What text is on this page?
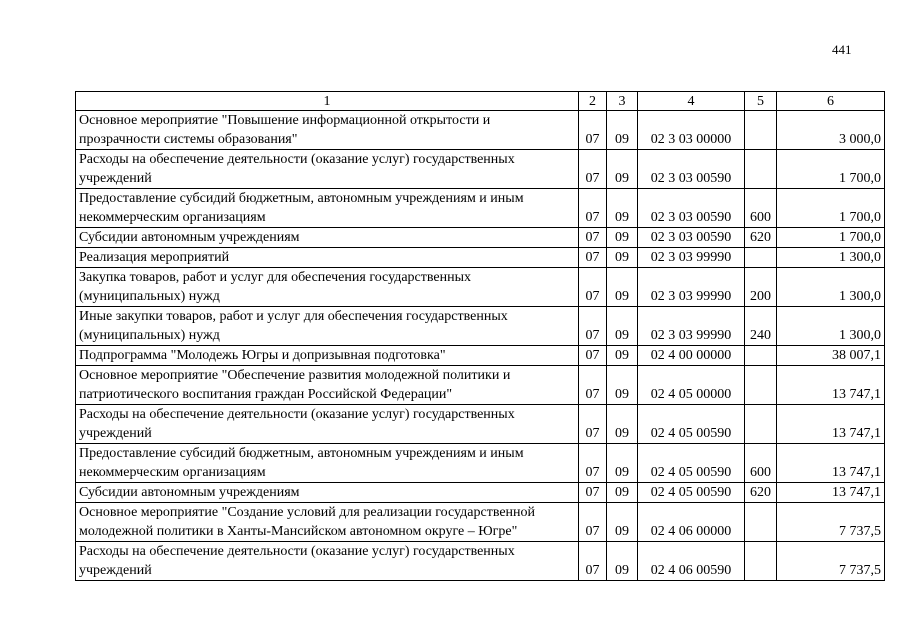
441
1	2	3	4	5	6
Основное мероприятие "Повышение информационной открытости и прозрачности системы образования"	07	09	02 3 03 00000		3 000,0
Расходы на обеспечение деятельности (оказание услуг) государственных учреждений	07	09	02 3 03 00590		1 700,0
Предоставление субсидий бюджетным, автономным учреждениям и иным некоммерческим организациям	07	09	02 3 03 00590	600	1 700,0
Субсидии автономным учреждениям	07	09	02 3 03 00590	620	1 700,0
Реализация мероприятий	07	09	02 3 03 99990		1 300,0
Закупка товаров, работ и услуг для обеспечения государственных (муниципальных) нужд	07	09	02 3 03 99990	200	1 300,0
Иные закупки товаров, работ и услуг для обеспечения государственных (муниципальных) нужд	07	09	02 3 03 99990	240	1 300,0
Подпрограмма "Молодежь Югры и допризывная подготовка"	07	09	02 4 00 00000		38 007,1
Основное мероприятие "Обеспечение развития молодежной политики и патриотического воспитания граждан Российской Федерации"	07	09	02 4 05 00000		13 747,1
Расходы на обеспечение деятельности (оказание услуг) государственных учреждений	07	09	02 4 05 00590		13 747,1
Предоставление субсидий бюджетным, автономным учреждениям и иным некоммерческим организациям	07	09	02 4 05 00590	600	13 747,1
Субсидии автономным учреждениям	07	09	02 4 05 00590	620	13 747,1
Основное мероприятие "Создание условий для реализации государственной молодежной политики в Ханты-Мансийском автономном округе – Югре"	07	09	02 4 06 00000		7 737,5
Расходы на обеспечение деятельности (оказание услуг) государственных учреждений	07	09	02 4 06 00590		7 737,5
